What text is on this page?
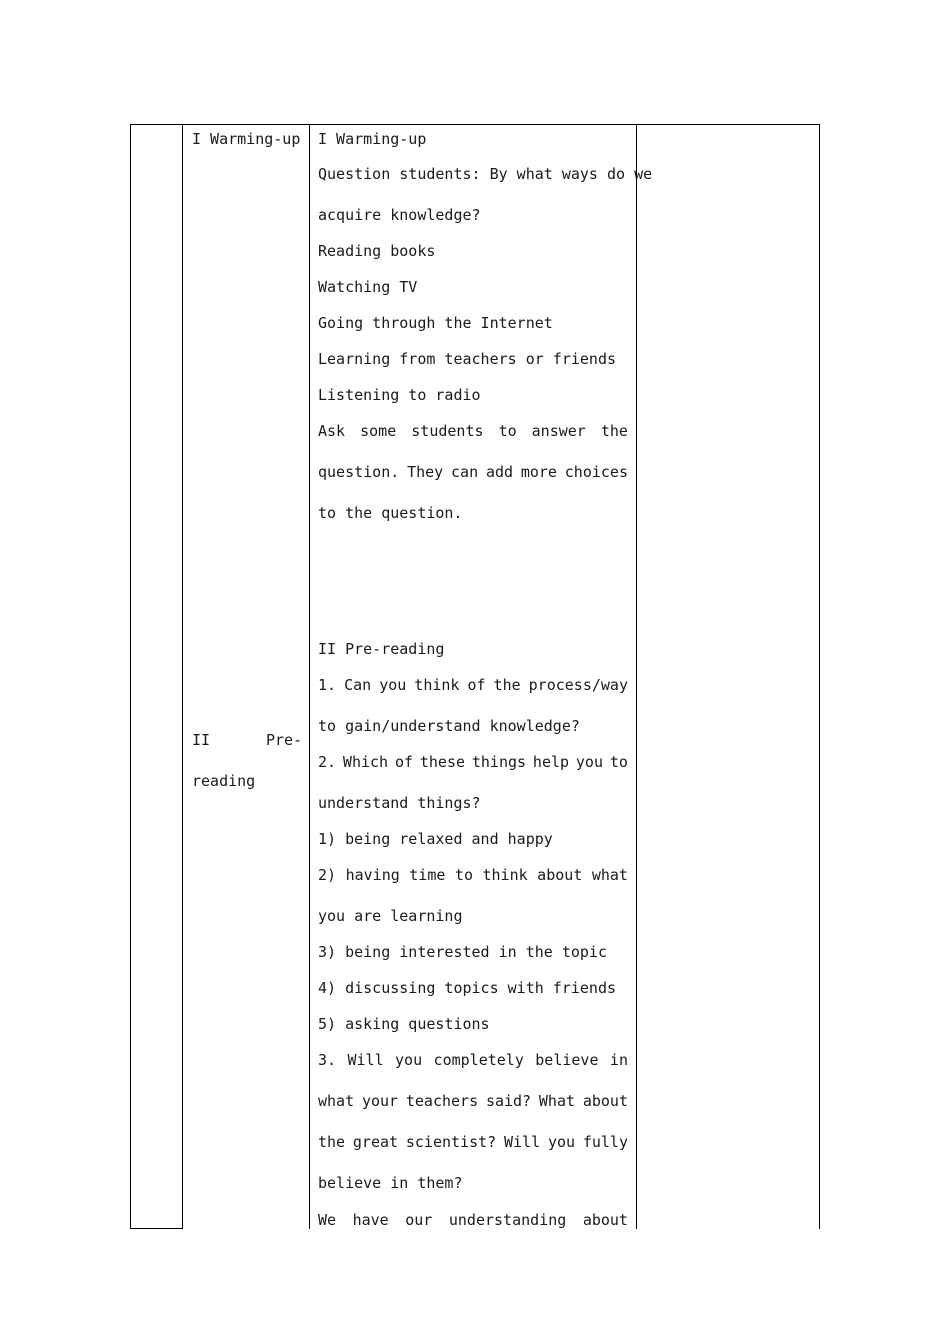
I Warming-up
II	Pre-
reading
I Warming-up
Question students: By what ways do we
acquire knowledge?
Reading books
Watching TV
Going through the Internet
Learning from teachers or friends
Listening to radio
Ask some students to answer the
question. They can add more choices
to the question.
II Pre-reading
1. Can you think of the process/way
to gain/understand knowledge?
2. Which of these things help you to
understand things?
1) being relaxed and happy
2) having time to think about what
you are learning
3) being interested in the topic
4) discussing topics with friends
5) asking questions
3. Will you completely believe in
what your teachers said? What about
the great scientist? Will you fully
believe in them?
We have our understanding about
